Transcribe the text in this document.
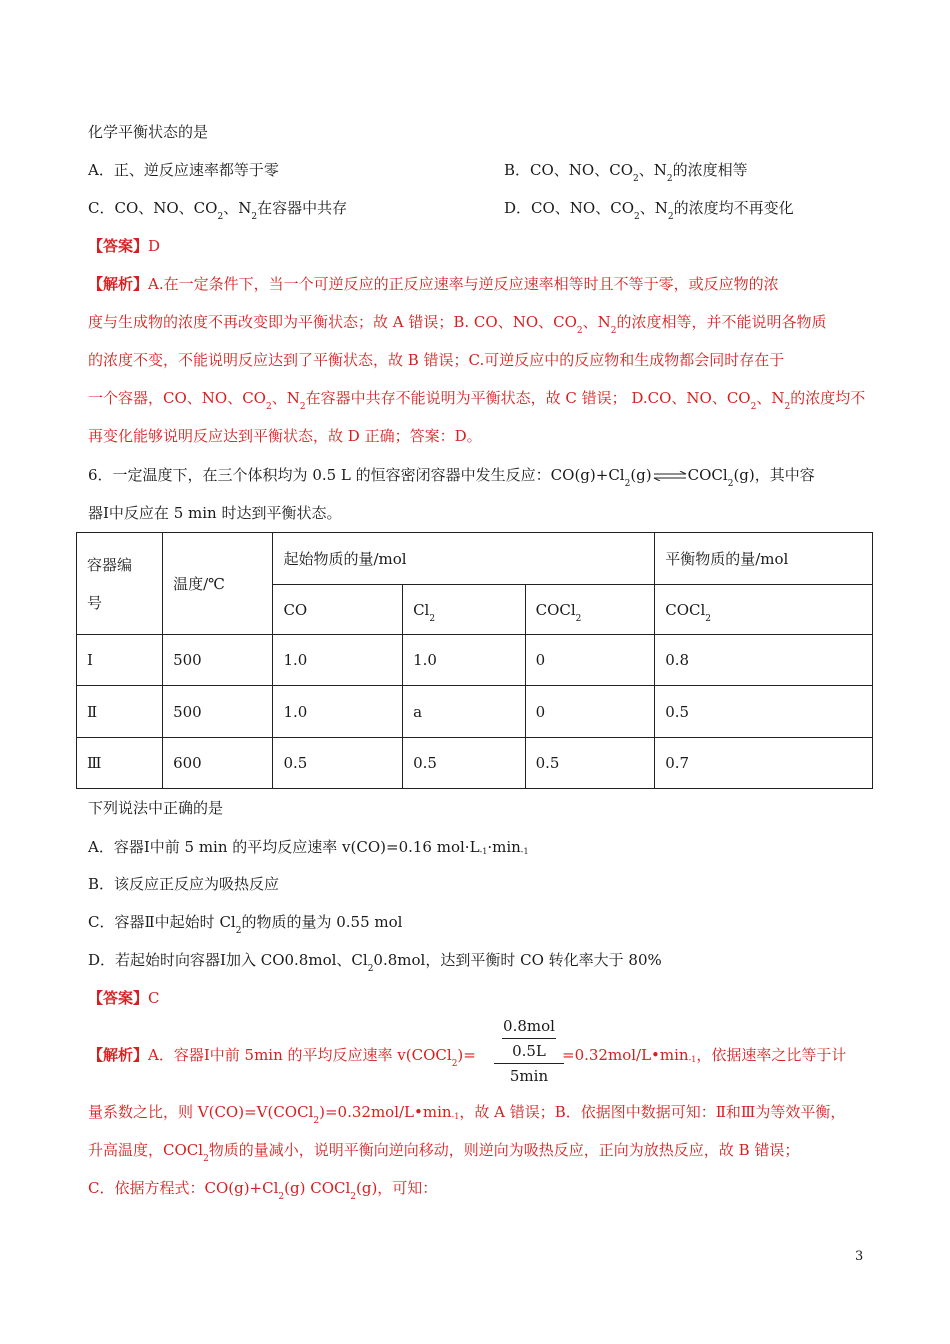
化学平衡状态的是
A．正、逆反应速率都等于零	B．CO、NO、$CO_2$、$N_2$的浓度相等
C．CO、NO、$CO_2$、$N_2$在容器中共存	D．CO、NO、$CO_2$、$N_2$的浓度均不再变化
【答案】D
【解析】A.在一定条件下，当一个可逆反应的正反应速率与逆反应速率相等时且不等于零，或反应物的浓
度与生成物的浓度不再改变即为平衡状态；故 A 错误；B. CO、NO、$CO_2$、$N_2$的浓度相等，并不能说明各物质
的浓度不变，不能说明反应达到了平衡状态，故 B 错误；C.可逆反应中的反应物和生成物都会同时存在于
一个容器，CO、NO、$CO_2$、$N_2$在容器中共存不能说明为平衡状态，故 C 错误； D.CO、NO、$CO_2$、$N_2$的浓度均不
再变化能够说明反应达到平衡状态，故 D 正确；答案：D。
6．一定温度下，在三个体积均为 0.5 L 的恒容密闭容器中发生反应：$CO(g)+Cl_2(g)\rightleftharpoons COCl_2(g)$，其中容
器Ⅰ中反应在 5 min 时达到平衡状态。
容器编
号	温度/℃	起始物质的量/mol			平衡物质的量/mol
		CO	$Cl_2$	COCl$_2$	COCl$_2$
Ⅰ	500	1.0	1.0	0	0.8
Ⅱ	500	1.0	a	0	0.5
Ⅲ	600	0.5	0.5	0.5	0.7
下列说法中正确的是
A．容器Ⅰ中前 5 min 的平均反应速率 v(CO)=0.16 $mol\cdot L^{-1}\cdot\min^{-1}$
B．该反应正反应为吸热反应
C．容器Ⅱ中起始时 $Cl_2$的物质的量为 0.55 mol
D．若起始时向容器Ⅰ加入 CO0.8mol、$Cl_20.8mol$，达到平衡时 CO 转化率大于 80%
【答案】C
0.8mol
0.5L
5min
【解析】A．容器Ⅰ中前 5min 的平均反应速率 v(COCl$_2$)=	$=0.32mol/L•\min^{-1}$，依据速率之比等于计
量系数之比，则 $V(CO)=V(COCl_2)=0.32mol/L•\min^{-1}$，故 A 错误；B．依据图中数据可知：Ⅱ和Ⅲ为等效平衡，
升高温度，COCl$_2$物质的量减小，说明平衡向逆向移动，则逆向为吸热反应，正向为放热反应，故 B 错误；
C．依据方程式：$CO(g)+Cl_2(g)$ COCl$_2$(g)，可知：
3
